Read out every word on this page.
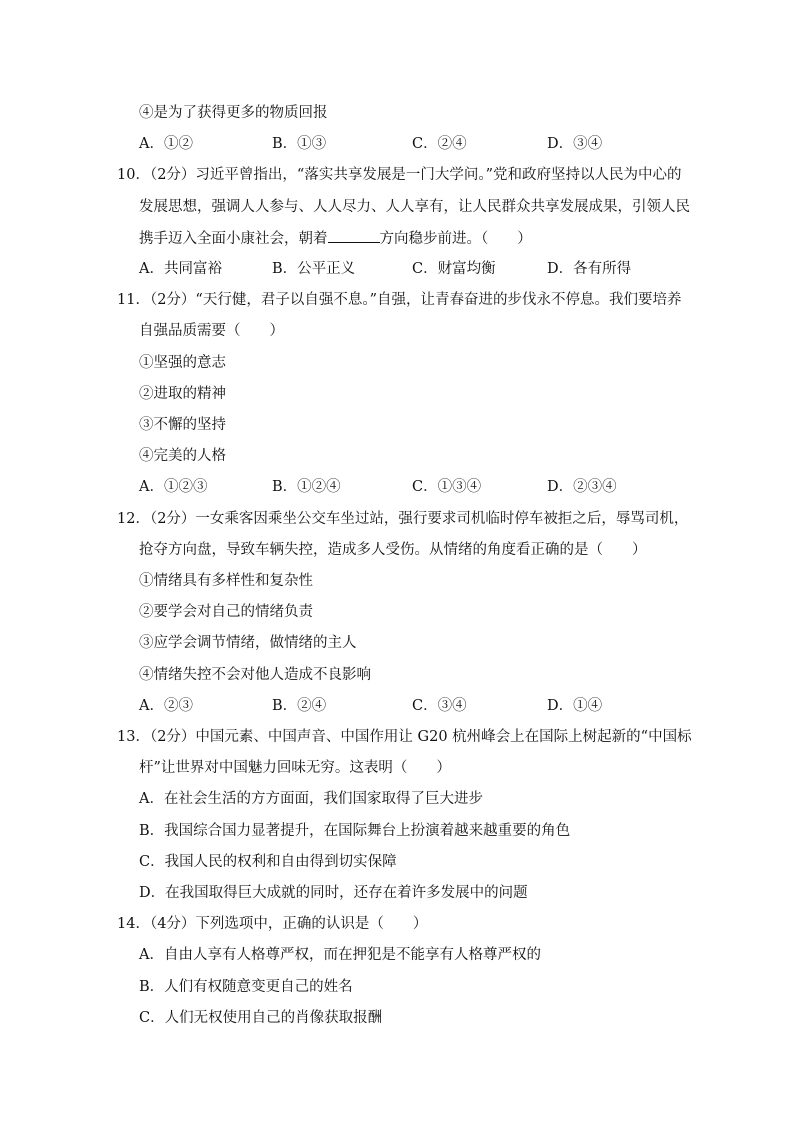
④是为了获得更多的物质回报
A．①②	B．①③	C．②④	D．③④
10．（2分）习近平曾指出，“落实共享发展是一门大学问。”党和政府坚持以人民为中心的
发展思想，强调人人参与、人人尽力、人人享有，让人民群众共享发展成果，引领人民
携手迈入全面小康社会，朝着	方向稳步前进。（　　）
A．共同富裕	B．公平正义	C．财富均衡	D．各有所得
11．（2分）“天行健，君子以自强不息。”自强，让青春奋进的步伐永不停息。我们要培养
自强品质需要（　　）
①坚强的意志
②进取的精神
③不懈的坚持
④完美的人格
A．①②③	B．①②④	C．①③④	D．②③④
12．（2分）一女乘客因乘坐公交车坐过站，强行要求司机临时停车被拒之后，辱骂司机，
抢夺方向盘，导致车辆失控，造成多人受伤。从情绪的角度看正确的是（　　）
①情绪具有多样性和复杂性
②要学会对自己的情绪负责
③应学会调节情绪，做情绪的主人
④情绪失控不会对他人造成不良影响
A．②③	B．②④	C．③④	D．①④
13．（2分）中国元素、中国声音、中国作用让 G20 杭州峰会上在国际上树起新的“中国标
杆”让世界对中国魅力回味无穷。这表明（　　）
A．在社会生活的方方面面，我们国家取得了巨大进步
B．我国综合国力显著提升，在国际舞台上扮演着越来越重要的角色
C．我国人民的权利和自由得到切实保障
D．在我国取得巨大成就的同时，还存在着许多发展中的问题
14．（4分）下列选项中，正确的认识是（　　）
A．自由人享有人格尊严权，而在押犯是不能享有人格尊严权的
B．人们有权随意变更自己的姓名
C．人们无权使用自己的肖像获取报酬
